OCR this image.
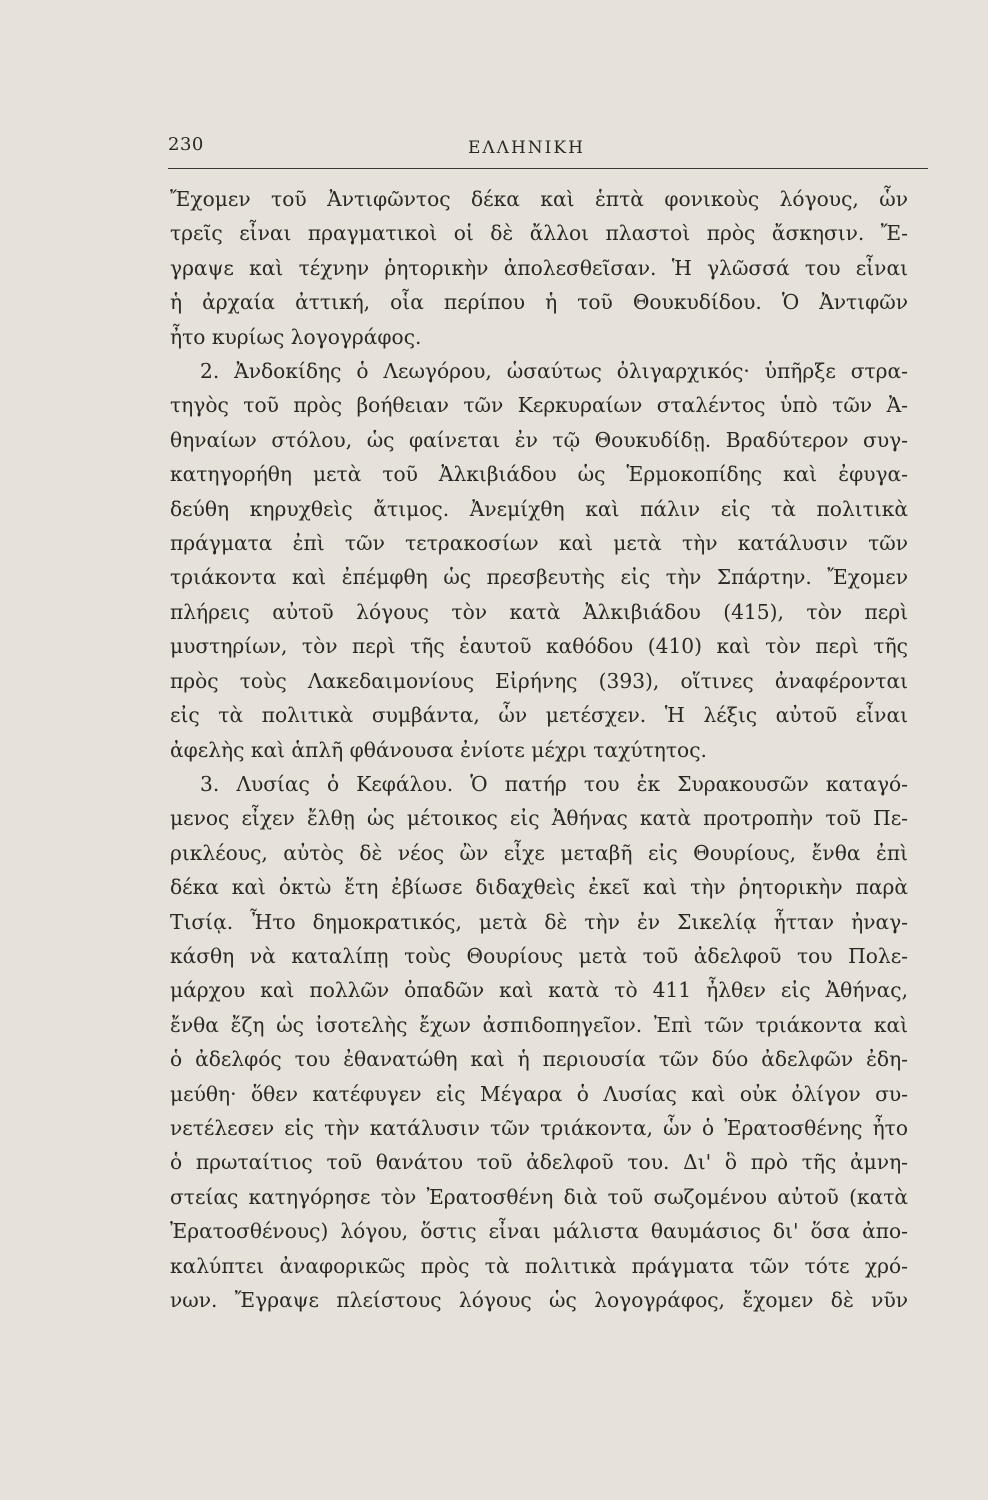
230	ΕΛΛΗΝΙΚΗ
Ἔχομεν τοῦ Ἀντιφῶντος δέκα καὶ ἑπτὰ φονικοὺς λόγους, ὧν
τρεῖς εἶναι πραγματικοὶ οἱ δὲ ἄλλοι πλαστοὶ πρὸς ἄσκησιν. Ἔ-
γραψε καὶ τέχνην ῥητορικὴν ἀπολεσθεῖσαν. Ἡ γλῶσσά του εἶναι
ἡ ἀρχαία ἀττική, οἷα περίπου ἡ τοῦ Θουκυδίδου. Ὁ Ἀντιφῶν
ἦτο κυρίως λογογράφος.
2. Ἀνδοκίδης ὁ Λεωγόρου, ὡσαύτως ὀλιγαρχικός· ὑπῆρξε στρα-
τηγὸς τοῦ πρὸς βοήθειαν τῶν Κερκυραίων σταλέντος ὑπὸ τῶν Ἀ-
θηναίων στόλου, ὡς φαίνεται ἐν τῷ Θουκυδίδῃ. Βραδύτερον συγ-
κατηγορήθη μετὰ τοῦ Ἀλκιβιάδου ὡς Ἑρμοκοπίδης καὶ ἐφυγα-
δεύθη κηρυχθεὶς ἄτιμος. Ἀνεμίχθη καὶ πάλιν εἰς τὰ πολιτικὰ
πράγματα ἐπὶ τῶν τετρακοσίων καὶ μετὰ τὴν κατάλυσιν τῶν
τριάκοντα καὶ ἐπέμφθη ὡς πρεσβευτὴς εἰς τὴν Σπάρτην. Ἔχομεν
πλήρεις αὐτοῦ λόγους τὸν κατὰ Ἀλκιβιάδου (415), τὸν περὶ
μυστηρίων, τὸν περὶ τῆς ἑαυτοῦ καθόδου (410) καὶ τὸν περὶ τῆς
πρὸς τοὺς Λακεδαιμονίους Εἰρήνης (393), οἵτινες ἀναφέρονται
εἰς τὰ πολιτικὰ συμβάντα, ὧν μετέσχεν. Ἡ λέξις αὐτοῦ εἶναι
ἀφελὴς καὶ ἁπλῆ φθάνουσα ἐνίοτε μέχρι ταχύτητος.
3. Λυσίας ὁ Κεφάλου. Ὁ πατήρ του ἐκ Συρακουσῶν καταγό-
μενος εἶχεν ἔλθῃ ὡς μέτοικος εἰς Ἀθήνας κατὰ προτροπὴν τοῦ Πε-
ρικλέους, αὐτὸς δὲ νέος ὢν εἶχε μεταβῆ εἰς Θουρίους, ἔνθα ἐπὶ
δέκα καὶ ὀκτὼ ἔτη ἐβίωσε διδαχθεὶς ἐκεῖ καὶ τὴν ῥητορικὴν παρὰ
Τισίᾳ. Ἦτο δημοκρατικός, μετὰ δὲ τὴν ἐν Σικελίᾳ ἧτταν ἠναγ-
κάσθη νὰ καταλίπῃ τοὺς Θουρίους μετὰ τοῦ ἀδελφοῦ του Πολε-
μάρχου καὶ πολλῶν ὀπαδῶν καὶ κατὰ τὸ 411 ἦλθεν εἰς Ἀθήνας,
ἔνθα ἔζη ὡς ἰσοτελὴς ἔχων ἀσπιδοπηγεῖον. Ἐπὶ τῶν τριάκοντα καὶ
ὁ ἀδελφός του ἐθανατώθη καὶ ἡ περιουσία τῶν δύο ἀδελφῶν ἐδη-
μεύθη· ὅθεν κατέφυγεν εἰς Μέγαρα ὁ Λυσίας καὶ οὐκ ὀλίγον συ-
νετέλεσεν εἰς τὴν κατάλυσιν τῶν τριάκοντα, ὧν ὁ Ἐρατοσθένης ἦτο
ὁ πρωταίτιος τοῦ θανάτου τοῦ ἀδελφοῦ του. Δι' ὃ πρὸ τῆς ἀμνη-
στείας κατηγόρησε τὸν Ἐρατοσθένη διὰ τοῦ σωζομένου αὐτοῦ (κατὰ
Ἐρατοσθένους) λόγου, ὅστις εἶναι μάλιστα θαυμάσιος δι' ὅσα ἀπο-
καλύπτει ἀναφορικῶς πρὸς τὰ πολιτικὰ πράγματα τῶν τότε χρό-
νων. Ἔγραψε πλείστους λόγους ὡς λογογράφος, ἔχομεν δὲ νῦν
